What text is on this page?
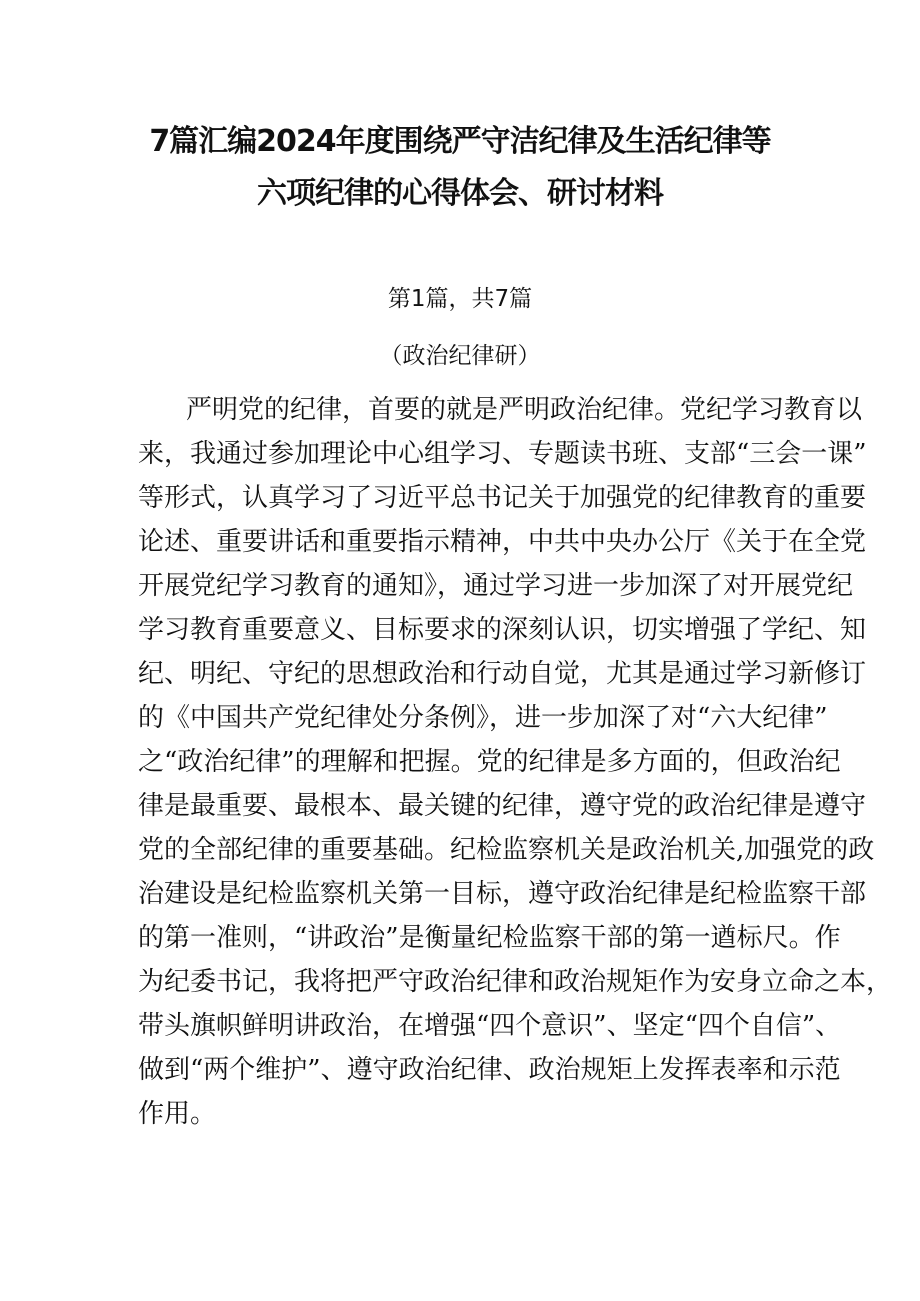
7篇汇编2024年度围绕严守洁纪律及生活纪律等
六项纪律的心得体会、研讨材料
第1篇，共7篇
（政治纪律研）
严明党的纪律，首要的就是严明政治纪律。党纪学习教育以
来，我通过参加理论中心组学习、专题读书班、支部“三会一课”
等形式，认真学习了习近平总书记关于加强党的纪律教育的重要
论述、重要讲话和重要指示精神，中共中央办公厅《关于在全党
开展党纪学习教育的通知》，通过学习进一步加深了对开展党纪
学习教育重要意义、目标要求的深刻认识，切实增强了学纪、知
纪、明纪、守纪的思想政治和行动自觉，尤其是通过学习新修订
的《中国共产党纪律处分条例》，进一步加深了对“六大纪律”
之“政治纪律”的理解和把握。党的纪律是多方面的，但政治纪
律是最重要、最根本、最关键的纪律，遵守党的政治纪律是遵守
党的全部纪律的重要基础。纪检监察机关是政治机关,加强党的政
治建设是纪检监察机关第一目标，遵守政治纪律是纪检监察干部
的第一准则，“讲政治”是衡量纪检监察干部的第一遒标尺。作
为纪委书记，我将把严守政治纪律和政治规矩作为安身立命之本，
带头旗帜鲜明讲政治，在增强“四个意识”、坚定“四个自信”、
做到“两个维护”、遵守政治纪律、政治规矩上发挥表率和示范
作用。
